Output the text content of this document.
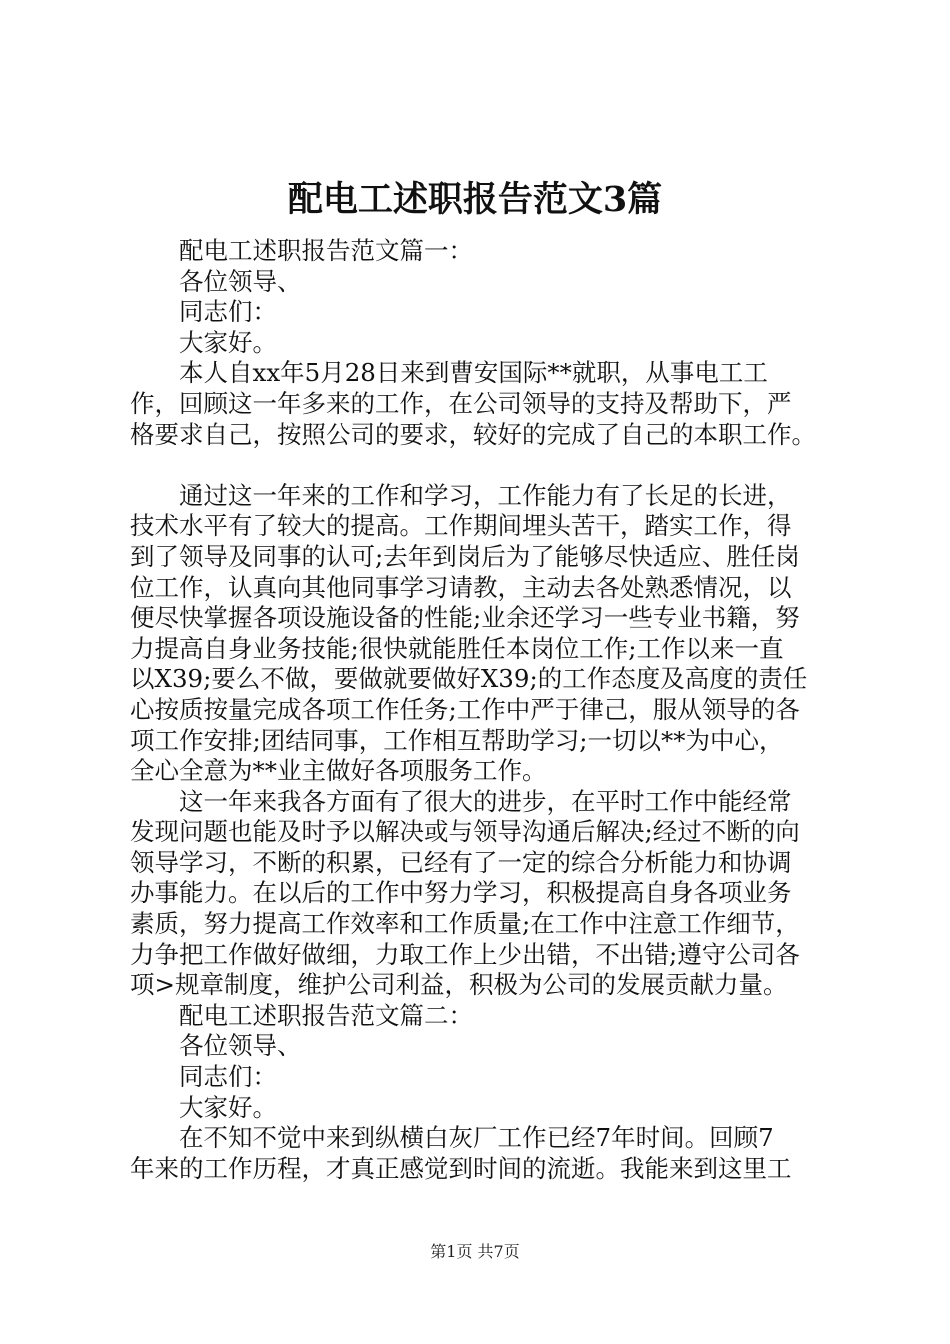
配电工述职报告范文3篇
配电工述职报告范文篇一：
各位领导、
同志们：
大家好。
本人自xx年5月28日来到曹安国际**就职，从事电工工
作，回顾这一年多来的工作，在公司领导的支持及帮助下，严
格要求自己，按照公司的要求，较好的完成了自己的本职工作。
通过这一年来的工作和学习，工作能力有了长足的长进，
技术水平有了较大的提高。工作期间埋头苦干，踏实工作，得
到了领导及同事的认可;去年到岗后为了能够尽快适应、胜任岗
位工作，认真向其他同事学习请教，主动去各处熟悉情况，以
便尽快掌握各项设施设备的性能;业余还学习一些专业书籍，努
力提高自身业务技能;很快就能胜任本岗位工作;工作以来一直
以X39;要么不做，要做就要做好X39;的工作态度及高度的责任
心按质按量完成各项工作任务;工作中严于律己，服从领导的各
项工作安排;团结同事，工作相互帮助学习;一切以**为中心，
全心全意为**业主做好各项服务工作。
这一年来我各方面有了很大的进步，在平时工作中能经常
发现问题也能及时予以解决或与领导沟通后解决;经过不断的向
领导学习，不断的积累，已经有了一定的综合分析能力和协调
办事能力。在以后的工作中努力学习，积极提高自身各项业务
素质，努力提高工作效率和工作质量;在工作中注意工作细节，
力争把工作做好做细，力取工作上少出错，不出错;遵守公司各
项>规章制度，维护公司利益，积极为公司的发展贡献力量。
配电工述职报告范文篇二：
各位领导、
同志们：
大家好。
在不知不觉中来到纵横白灰厂工作已经7年时间。回顾7
年来的工作历程，才真正感觉到时间的流逝。我能来到这里工
第1页 共7页
